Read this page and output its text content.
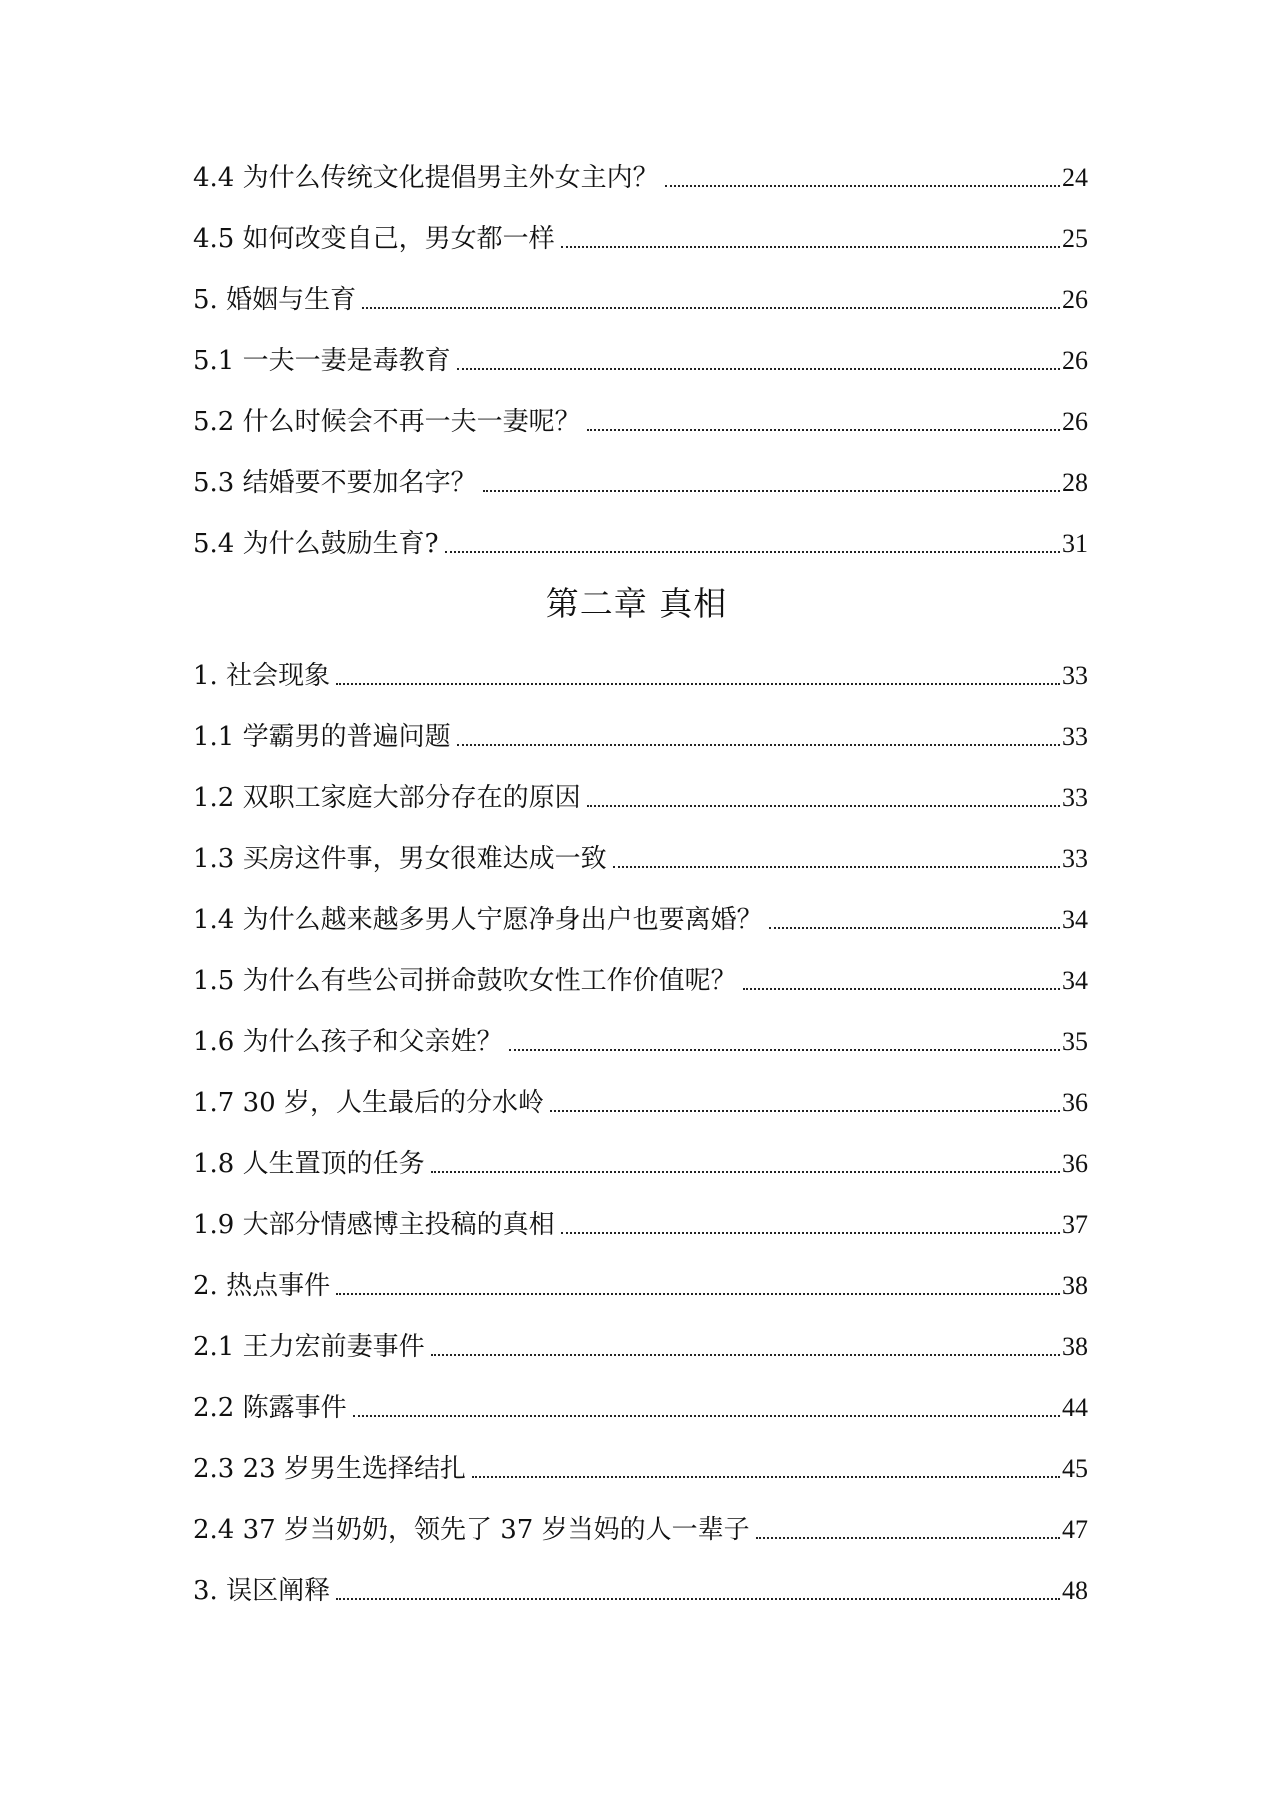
4.4 为什么传统文化提倡男主外女主内？	24
4.5 如何改变自己，男女都一样	25
5. 婚姻与生育	26
5.1 一夫一妻是毒教育	26
5.2 什么时候会不再一夫一妻呢？	26
5.3 结婚要不要加名字？	28
5.4 为什么鼓励生育?	31
第二章 真相
1. 社会现象	33
1.1 学霸男的普遍问题	33
1.2 双职工家庭大部分存在的原因	33
1.3 买房这件事，男女很难达成一致	33
1.4 为什么越来越多男人宁愿净身出户也要离婚？	34
1.5 为什么有些公司拼命鼓吹女性工作价值呢？	34
1.6 为什么孩子和父亲姓？	35
1.7 30 岁，人生最后的分水岭	36
1.8 人生置顶的任务	36
1.9 大部分情感博主投稿的真相	37
2. 热点事件	38
2.1 王力宏前妻事件	38
2.2 陈露事件	44
2.3 23 岁男生选择结扎	45
2.4 37 岁当奶奶，领先了 37 岁当妈的人一辈子	47
3. 误区阐释	48
